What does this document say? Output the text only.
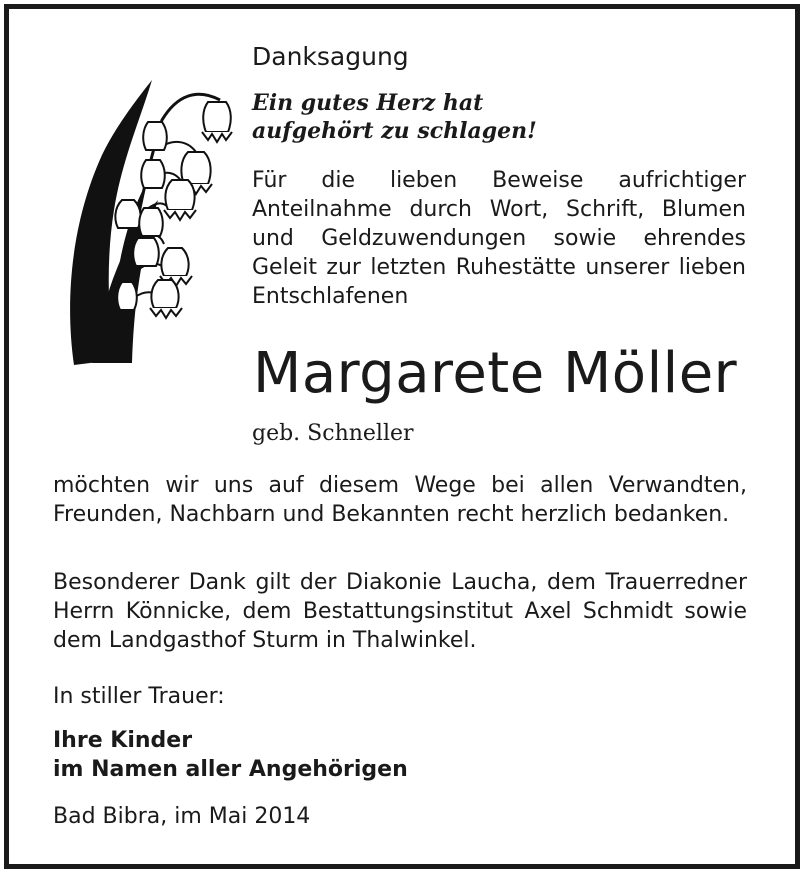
Danksagung
Ein gutes Herz hat
aufgehört zu schlagen!
Für die lieben Beweise aufrichtiger Anteilnahme durch Wort, Schrift, Blumen und Geldzuwendungen sowie ehrendes Geleit zur letzten Ruhestätte unserer lieben Entschlafenen
Margarete Möller
geb. Schneller
möchten wir uns auf diesem Wege bei allen Verwandten, Freunden, Nachbarn und Bekannten recht herzlich bedanken.
Besonderer Dank gilt der Diakonie Laucha, dem Trauerredner Herrn Könnicke, dem Bestattungsinstitut Axel Schmidt sowie dem Landgasthof Sturm in Thalwinkel.
In stiller Trauer:
Ihre Kinder
im Namen aller Angehörigen
Bad Bibra, im Mai 2014
